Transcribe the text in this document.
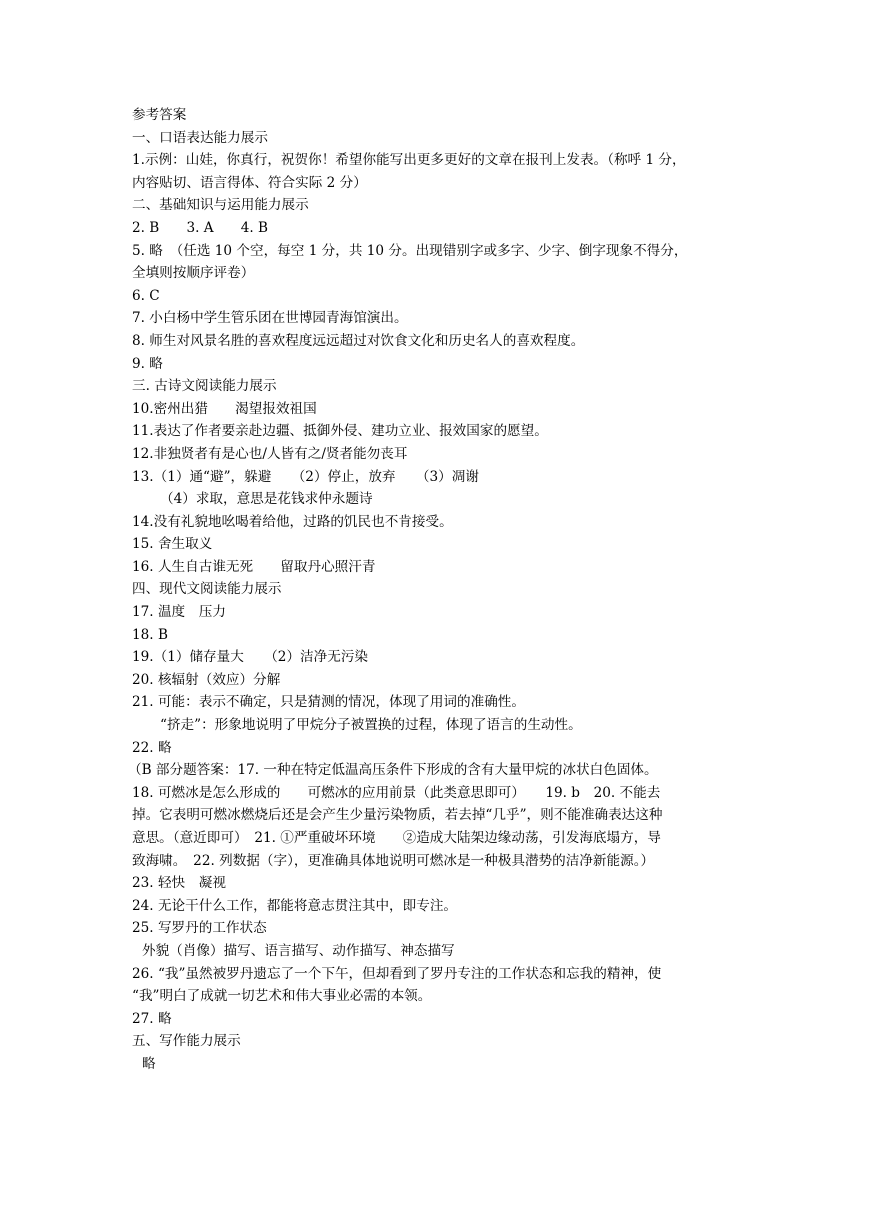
参考答案
一、口语表达能力展示
1.示例：山娃，你真行，祝贺你！希望你能写出更多更好的文章在报刊上发表。（称呼 1 分，
内容贴切、语言得体、符合实际 2 分）
二、基础知识与运用能力展示
2. B　　3. A　　4. B
5. 略　（任选 10 个空，每空 1 分，共 10 分。出现错别字或多字、少字、倒字现象不得分，
全填则按顺序评卷）
6. C
7. 小白杨中学生管乐团在世博园青海馆演出。
8. 师生对风景名胜的喜欢程度远远超过对饮食文化和历史名人的喜欢程度。
9. 略
三. 古诗文阅读能力展示
10.密州出猎　　渴望报效祖国
11.表达了作者要亲赴边疆、抵御外侵、建功立业、报效国家的愿望。
12.非独贤者有是心也/人皆有之/贤者能勿丧耳
13.（1）通“避”，躲避　　（2）停止，放弃　　（3）凋谢
（4）求取，意思是花钱求仲永题诗
14.没有礼貌地吆喝着给他，过路的饥民也不肯接受。
15. 舍生取义
16. 人生自古谁无死　　留取丹心照汗青
四、现代文阅读能力展示
17. 温度　压力
18. B
19.（1）储存量大　　（2）洁净无污染
20. 核辐射（效应）分解
21. 可能：表示不确定，只是猜测的情况，体现了用词的准确性。
“挤走”：形象地说明了甲烷分子被置换的过程，体现了语言的生动性。
22. 略
（B 部分题答案：17. 一种在特定低温高压条件下形成的含有大量甲烷的冰状白色固体。
18. 可燃冰是怎么形成的　　可燃冰的应用前景（此类意思即可）　　19. b　20. 不能去
掉。它表明可燃冰燃烧后还是会产生少量污染物质，若去掉“几乎”，则不能准确表达这种
意思。（意近即可）　21. ①严重破坏环境　　②造成大陆架边缘动荡，引发海底塌方，导
致海啸。　22. 列数据（字），更准确具体地说明可燃冰是一种极具潜势的洁净新能源。）
23. 轻快　凝视
24. 无论干什么工作，都能将意志贯注其中，即专注。
25. 写罗丹的工作状态
外貌（肖像）描写、语言描写、动作描写、神态描写
26. “我”虽然被罗丹遗忘了一个下午，但却看到了罗丹专注的工作状态和忘我的精神，使
“我”明白了成就一切艺术和伟大事业必需的本领。
27. 略
五、写作能力展示
略
